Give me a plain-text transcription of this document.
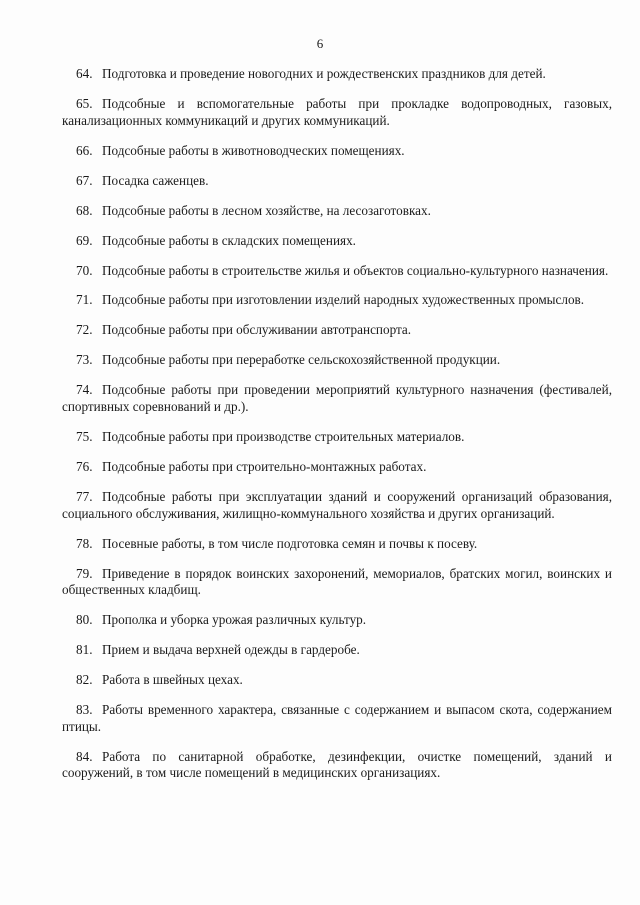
6
64. Подготовка и проведение новогодних и рождественских праздников для детей.
65. Подсобные и вспомогательные работы при прокладке водопроводных, газовых, канализационных коммуникаций и других коммуникаций.
66. Подсобные работы в животноводческих помещениях.
67. Посадка саженцев.
68. Подсобные работы в лесном хозяйстве, на лесозаготовках.
69. Подсобные работы в складских помещениях.
70. Подсобные работы в строительстве жилья и объектов социально-культурного назначения.
71. Подсобные работы при изготовлении изделий народных художественных промыслов.
72. Подсобные работы при обслуживании автотранспорта.
73. Подсобные работы при переработке сельскохозяйственной продукции.
74. Подсобные работы при проведении мероприятий культурного назначения (фестивалей, спортивных соревнований и др.).
75. Подсобные работы при производстве строительных материалов.
76. Подсобные работы при строительно-монтажных работах.
77. Подсобные работы при эксплуатации зданий и сооружений организаций образования, социального обслуживания, жилищно-коммунального хозяйства и других организаций.
78. Посевные работы, в том числе подготовка семян и почвы к посеву.
79. Приведение в порядок воинских захоронений, мемориалов, братских могил, воинских и общественных кладбищ.
80. Прополка и уборка урожая различных культур.
81. Прием и выдача верхней одежды в гардеробе.
82. Работа в швейных цехах.
83. Работы временного характера, связанные с содержанием и выпасом скота, содержанием птицы.
84. Работа по санитарной обработке, дезинфекции, очистке помещений, зданий и сооружений, в том числе помещений в медицинских организациях.
